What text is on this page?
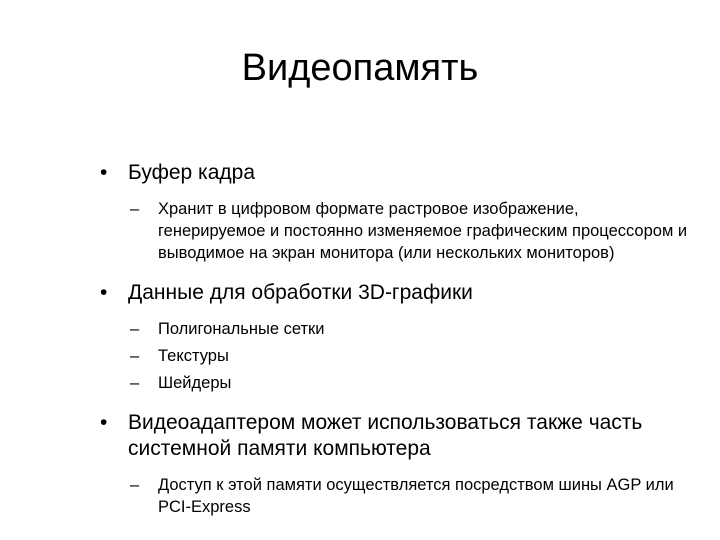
Видеопамять
• Буфер кадра
– Хранит в цифровом формате растровое изображение, генерируемое и постоянно изменяемое графическим процессором и выводимое на экран монитора (или нескольких мониторов)
• Данные для обработки 3D-графики
– Полигональные сетки
– Текстуры
– Шейдеры
• Видеоадаптером может использоваться также часть системной памяти компьютера
– Доступ к этой памяти осуществляется посредством шины AGP или PCI-Express
